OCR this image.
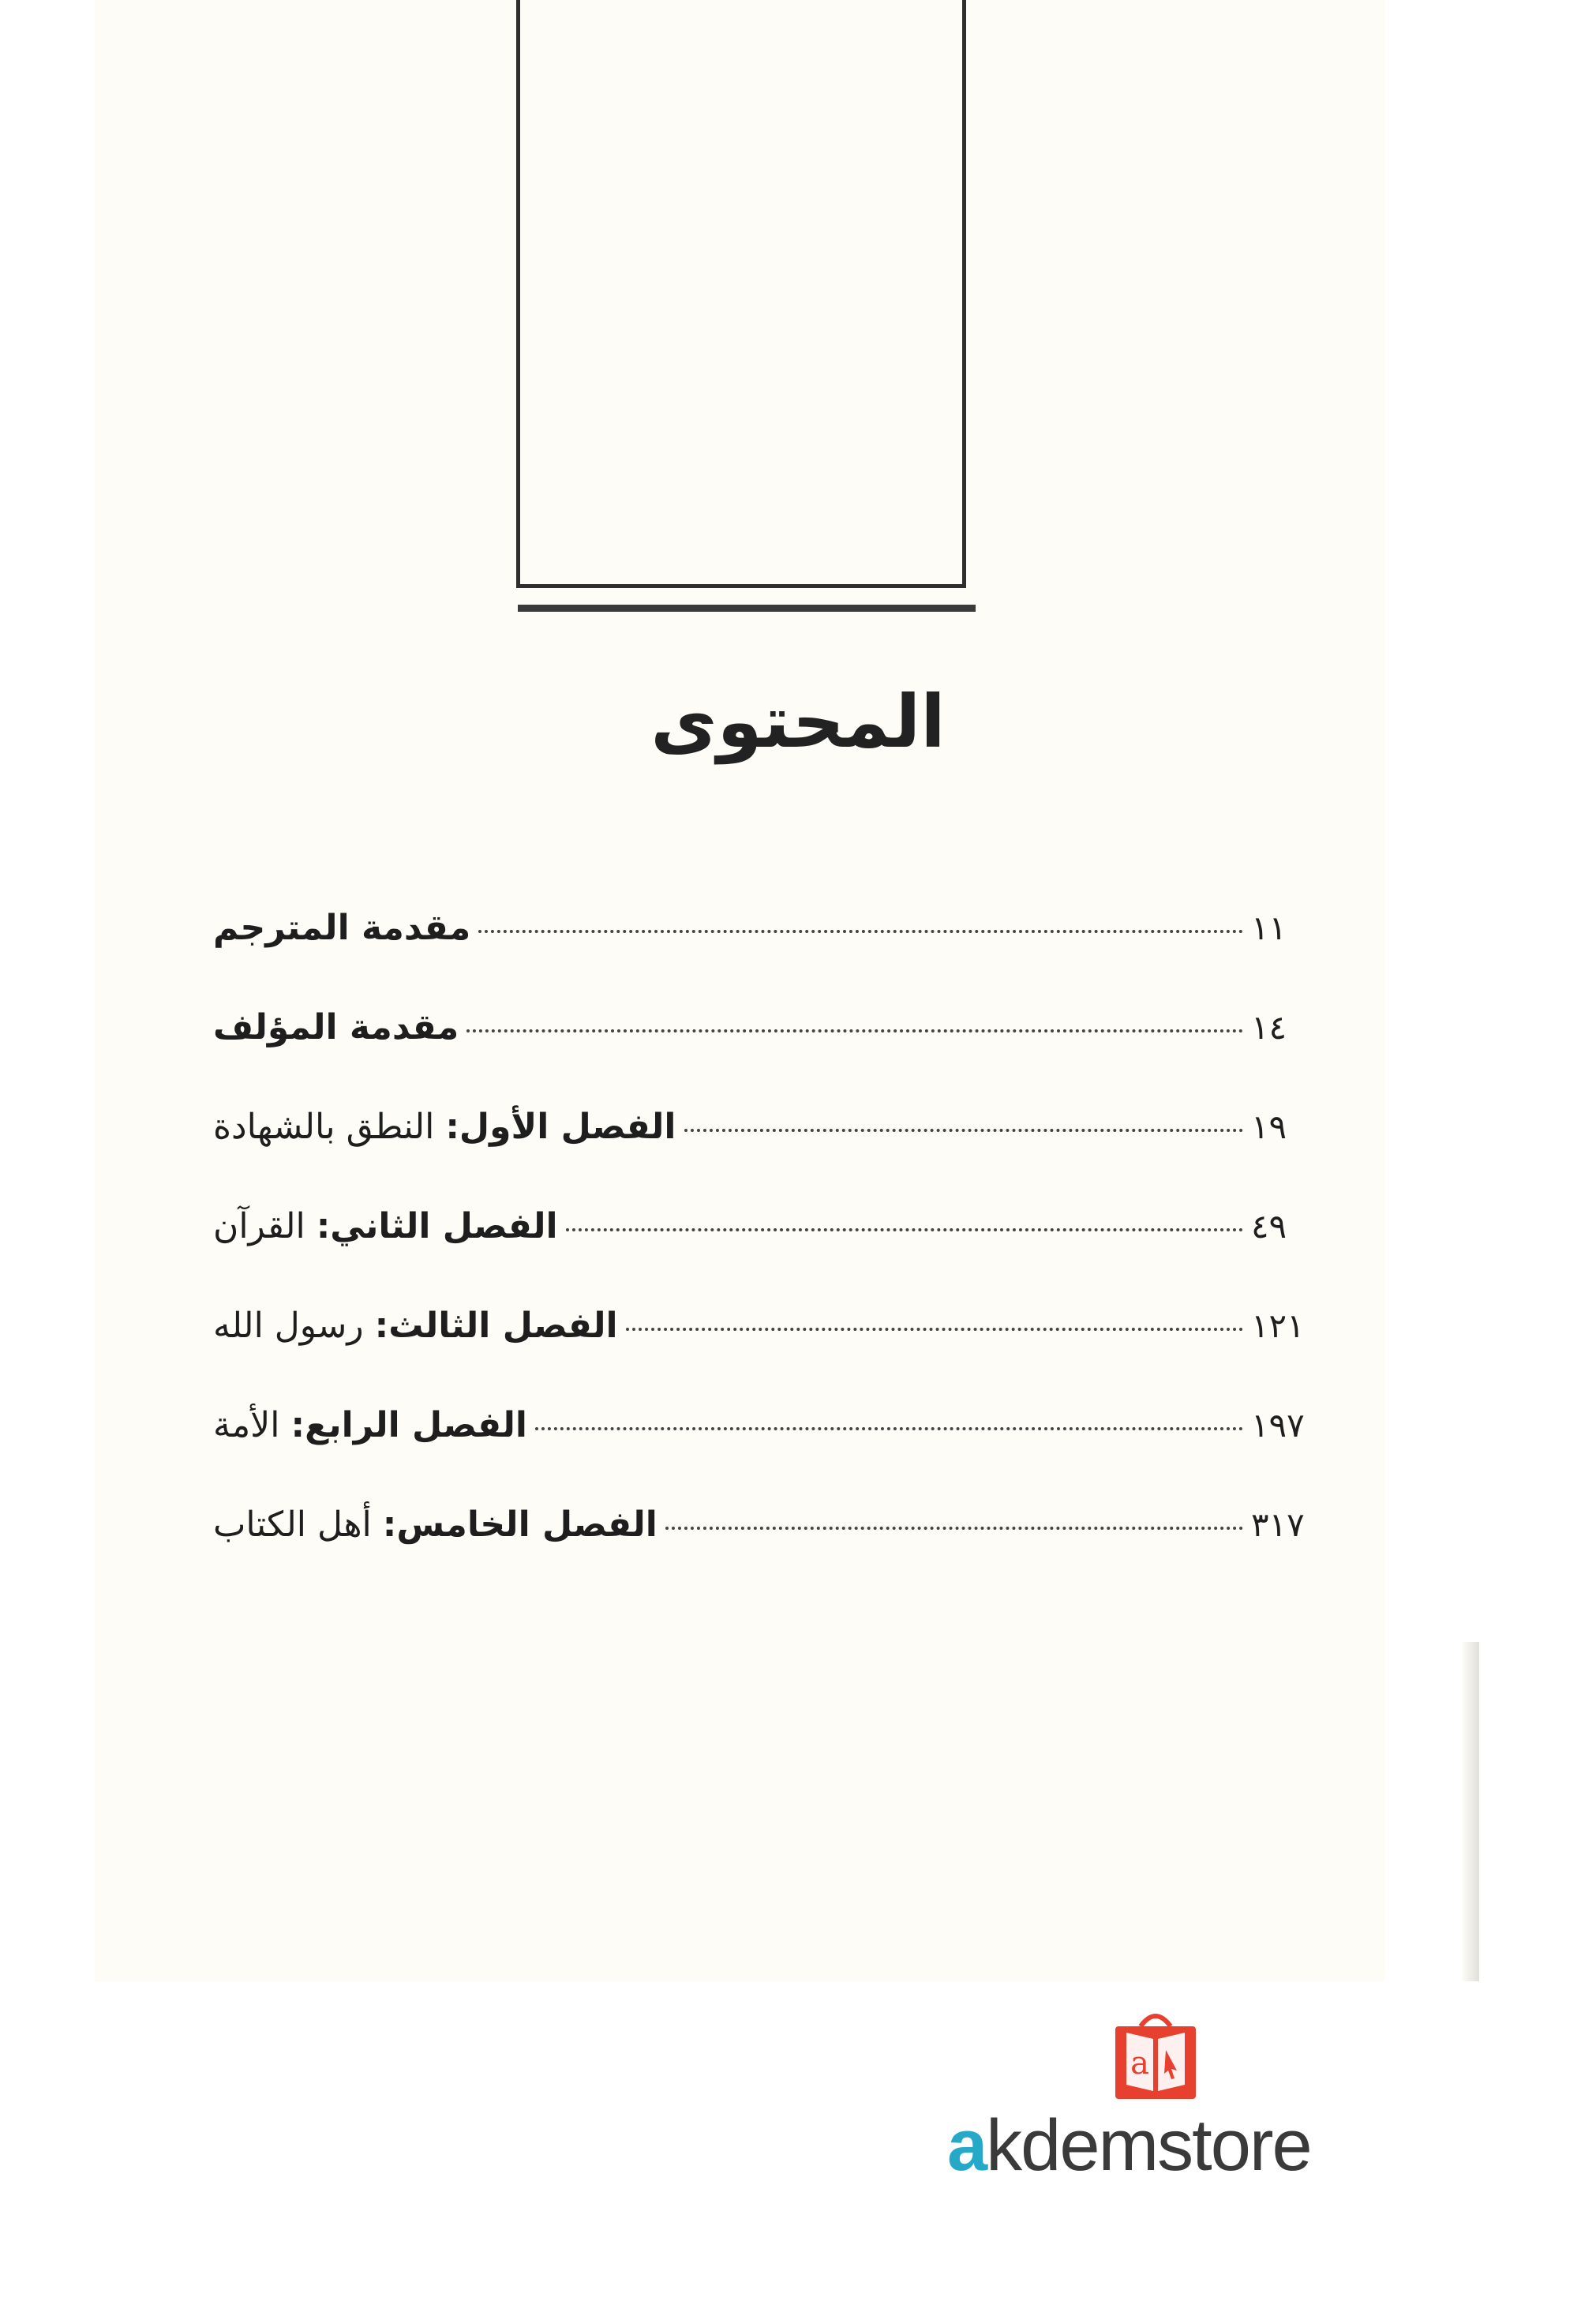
المحتوى
مقدمة المترجم	١١
مقدمة المؤلف	١٤
الفصل الأول: النطق بالشهادة	١٩
الفصل الثاني: القرآن	٤٩
الفصل الثالث: رسول الله	١٢١
الفصل الرابع: الأمة	١٩٧
الفصل الخامس: أهل الكتاب	٣١٧
a
akdemstore
